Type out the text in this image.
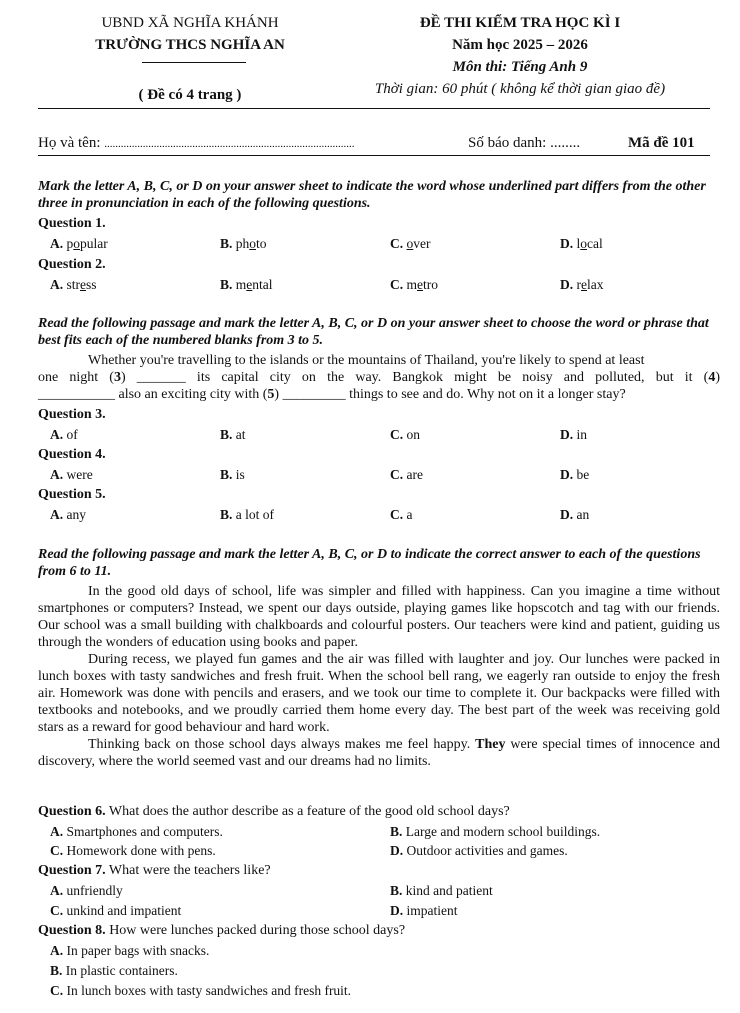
UBND XÃ NGHĨA KHÁNH
TRƯỜNG THCS NGHĨA AN
( Đề có 4 trang )
ĐỀ THI KIỂM TRA HỌC KÌ I
Năm học 2025 – 2026
Môn thi: Tiếng Anh 9
Thời gian: 60 phút ( không kể thời gian giao đề)
Họ và tên: ...........................................................................................	Số báo danh: ........	Mã đề 101
Mark the letter A, B, C, or D on your answer sheet to indicate the word whose underlined part differs from the other three in pronunciation in each of the following questions.
Question 1.
A. popular	B. photo	C. over	D. local
Question 2.
A. stress	B. mental	C. metro	D. relax
Read the following passage and mark the letter A, B, C, or D on your answer sheet to choose the word or phrase that best fits each of the numbered blanks from 3 to 5.
Whether you're travelling to the islands or the mountains of Thailand, you're likely to spend at least
one night (3) _______ its capital city on the way. Bangkok might be noisy and polluted, but it (4)
___________ also an exciting city with (5) _________ things to see and do. Why not on it a longer stay?
Question 3.
A. of	B. at	C. on	D. in
Question 4.
A. were	B. is	C. are	D. be
Question 5.
A. any	B. a lot of	C. a	D. an
Read the following passage and mark the letter A, B, C, or D to indicate the correct answer to each of the questions from 6 to 11.
In the good old days of school, life was simpler and filled with happiness. Can you imagine a time without smartphones or computers? Instead, we spent our days outside, playing games like hopscotch and tag with our friends. Our school was a small building with chalkboards and colourful posters. Our teachers were kind and patient, guiding us through the wonders of education using books and paper.
During recess, we played fun games and the air was filled with laughter and joy. Our lunches were packed in lunch boxes with tasty sandwiches and fresh fruit. When the school bell rang, we eagerly ran outside to enjoy the fresh air. Homework was done with pencils and erasers, and we took our time to complete it. Our backpacks were filled with textbooks and notebooks, and we proudly carried them home every day. The best part of the week was receiving gold stars as a reward for good behaviour and hard work.
Thinking back on those school days always makes me feel happy. They were special times of innocence and discovery, where the world seemed vast and our dreams had no limits.
Question 6. What does the author describe as a feature of the good old school days?
A. Smartphones and computers.	B. Large and modern school buildings.
C. Homework done with pens.	D. Outdoor activities and games.
Question 7. What were the teachers like?
A. unfriendly	B. kind and patient
C. unkind and impatient	D. impatient
Question 8. How were lunches packed during those school days?
A. In paper bags with snacks.
B. In plastic containers.
C. In lunch boxes with tasty sandwiches and fresh fruit.
